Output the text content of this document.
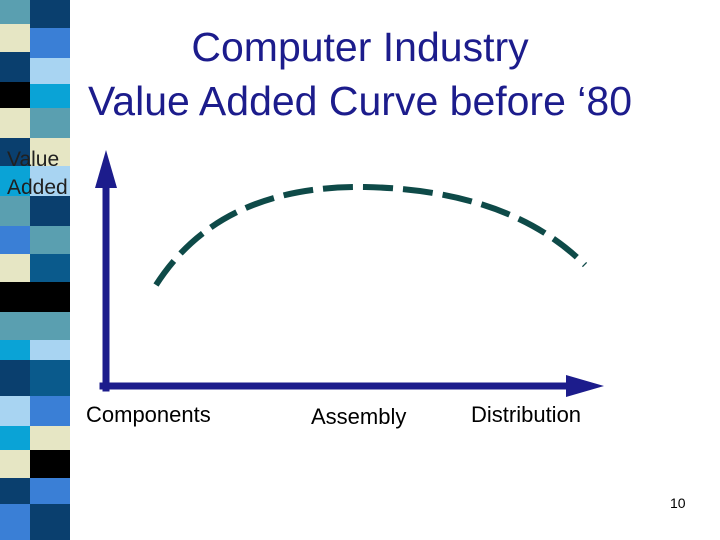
Computer Industry
Value Added Curve before ‘80
Value
Added
Components	Assembly	Distribution
10
